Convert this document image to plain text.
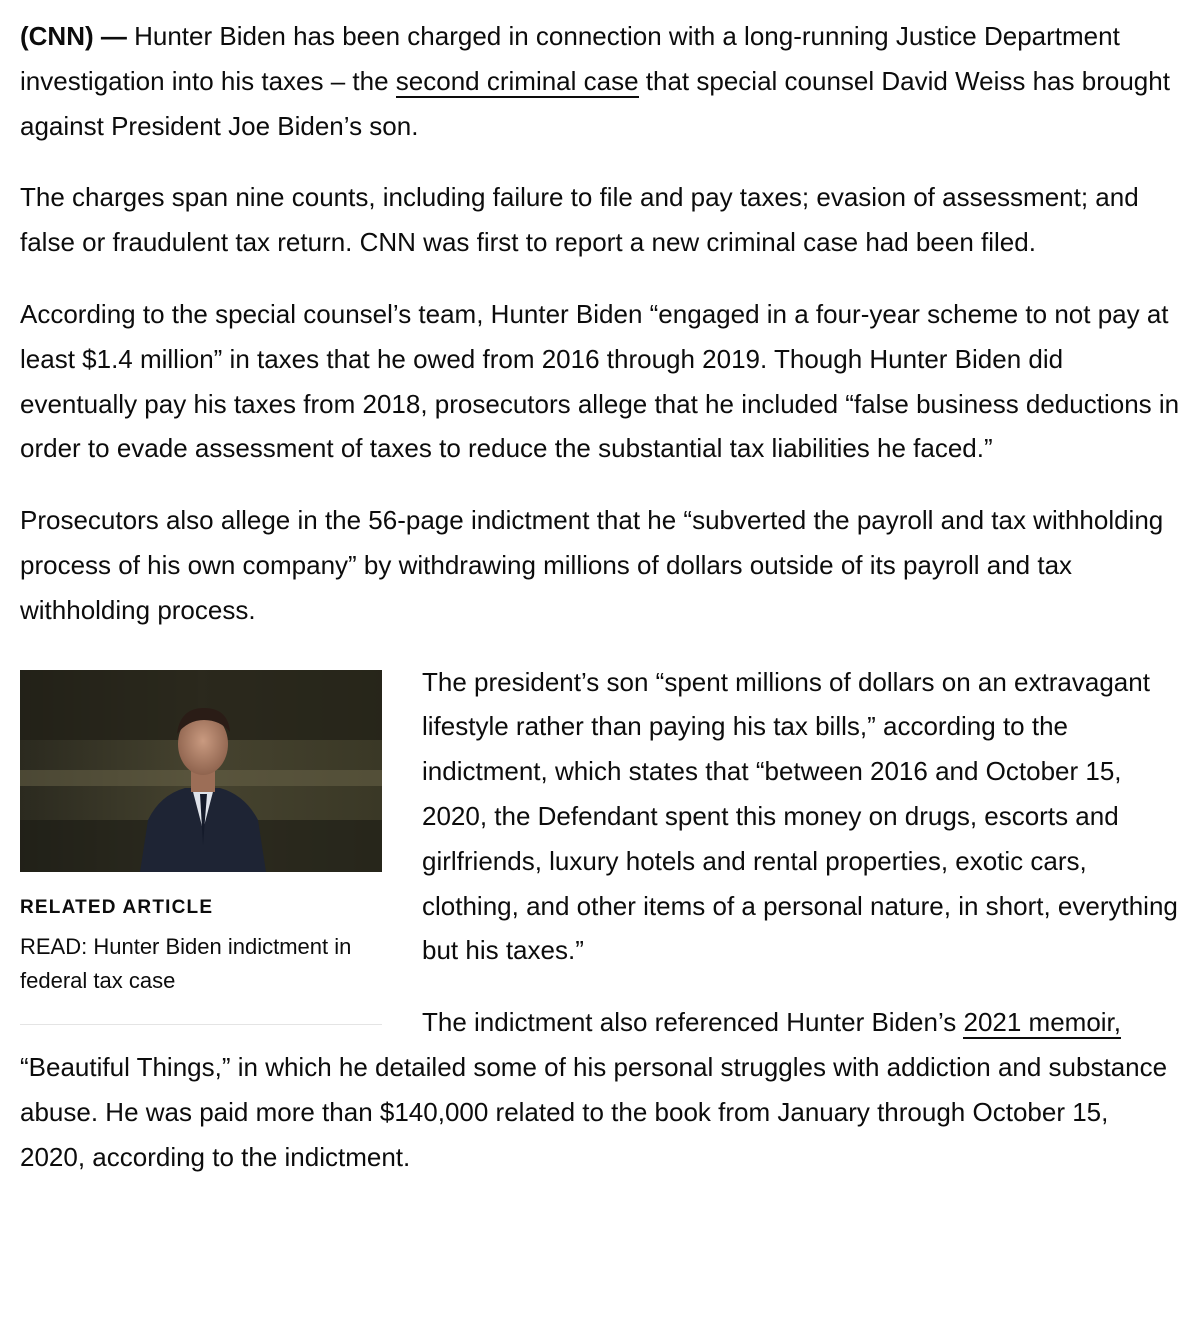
(CNN) — Hunter Biden has been charged in connection with a long-running Justice Department investigation into his taxes – the second criminal case that special counsel David Weiss has brought against President Joe Biden’s son.

The charges span nine counts, including failure to file and pay taxes; evasion of assessment; and false or fraudulent tax return. CNN was first to report a new criminal case had been filed.

According to the special counsel’s team, Hunter Biden “engaged in a four-year scheme to not pay at least $1.4 million” in taxes that he owed from 2016 through 2019. Though Hunter Biden did eventually pay his taxes from 2018, prosecutors allege that he included “false business deductions in order to evade assessment of taxes to reduce the substantial tax liabilities he faced.”

Prosecutors also allege in the 56-page indictment that he “subverted the payroll and tax withholding process of his own company” by withdrawing millions of dollars outside of its payroll and tax withholding process.

RELATED ARTICLE
READ: Hunter Biden indictment in federal tax case

The president’s son “spent millions of dollars on an extravagant lifestyle rather than paying his tax bills,” according to the indictment, which states that “between 2016 and October 15, 2020, the Defendant spent this money on drugs, escorts and girlfriends, luxury hotels and rental properties, exotic cars, clothing, and other items of a personal nature, in short, everything but his taxes.”

The indictment also referenced Hunter Biden’s 2021 memoir, “Beautiful Things,” in which he detailed some of his personal struggles with addiction and substance abuse. He was paid more than $140,000 related to the book from January through October 15, 2020, according to the indictment.
